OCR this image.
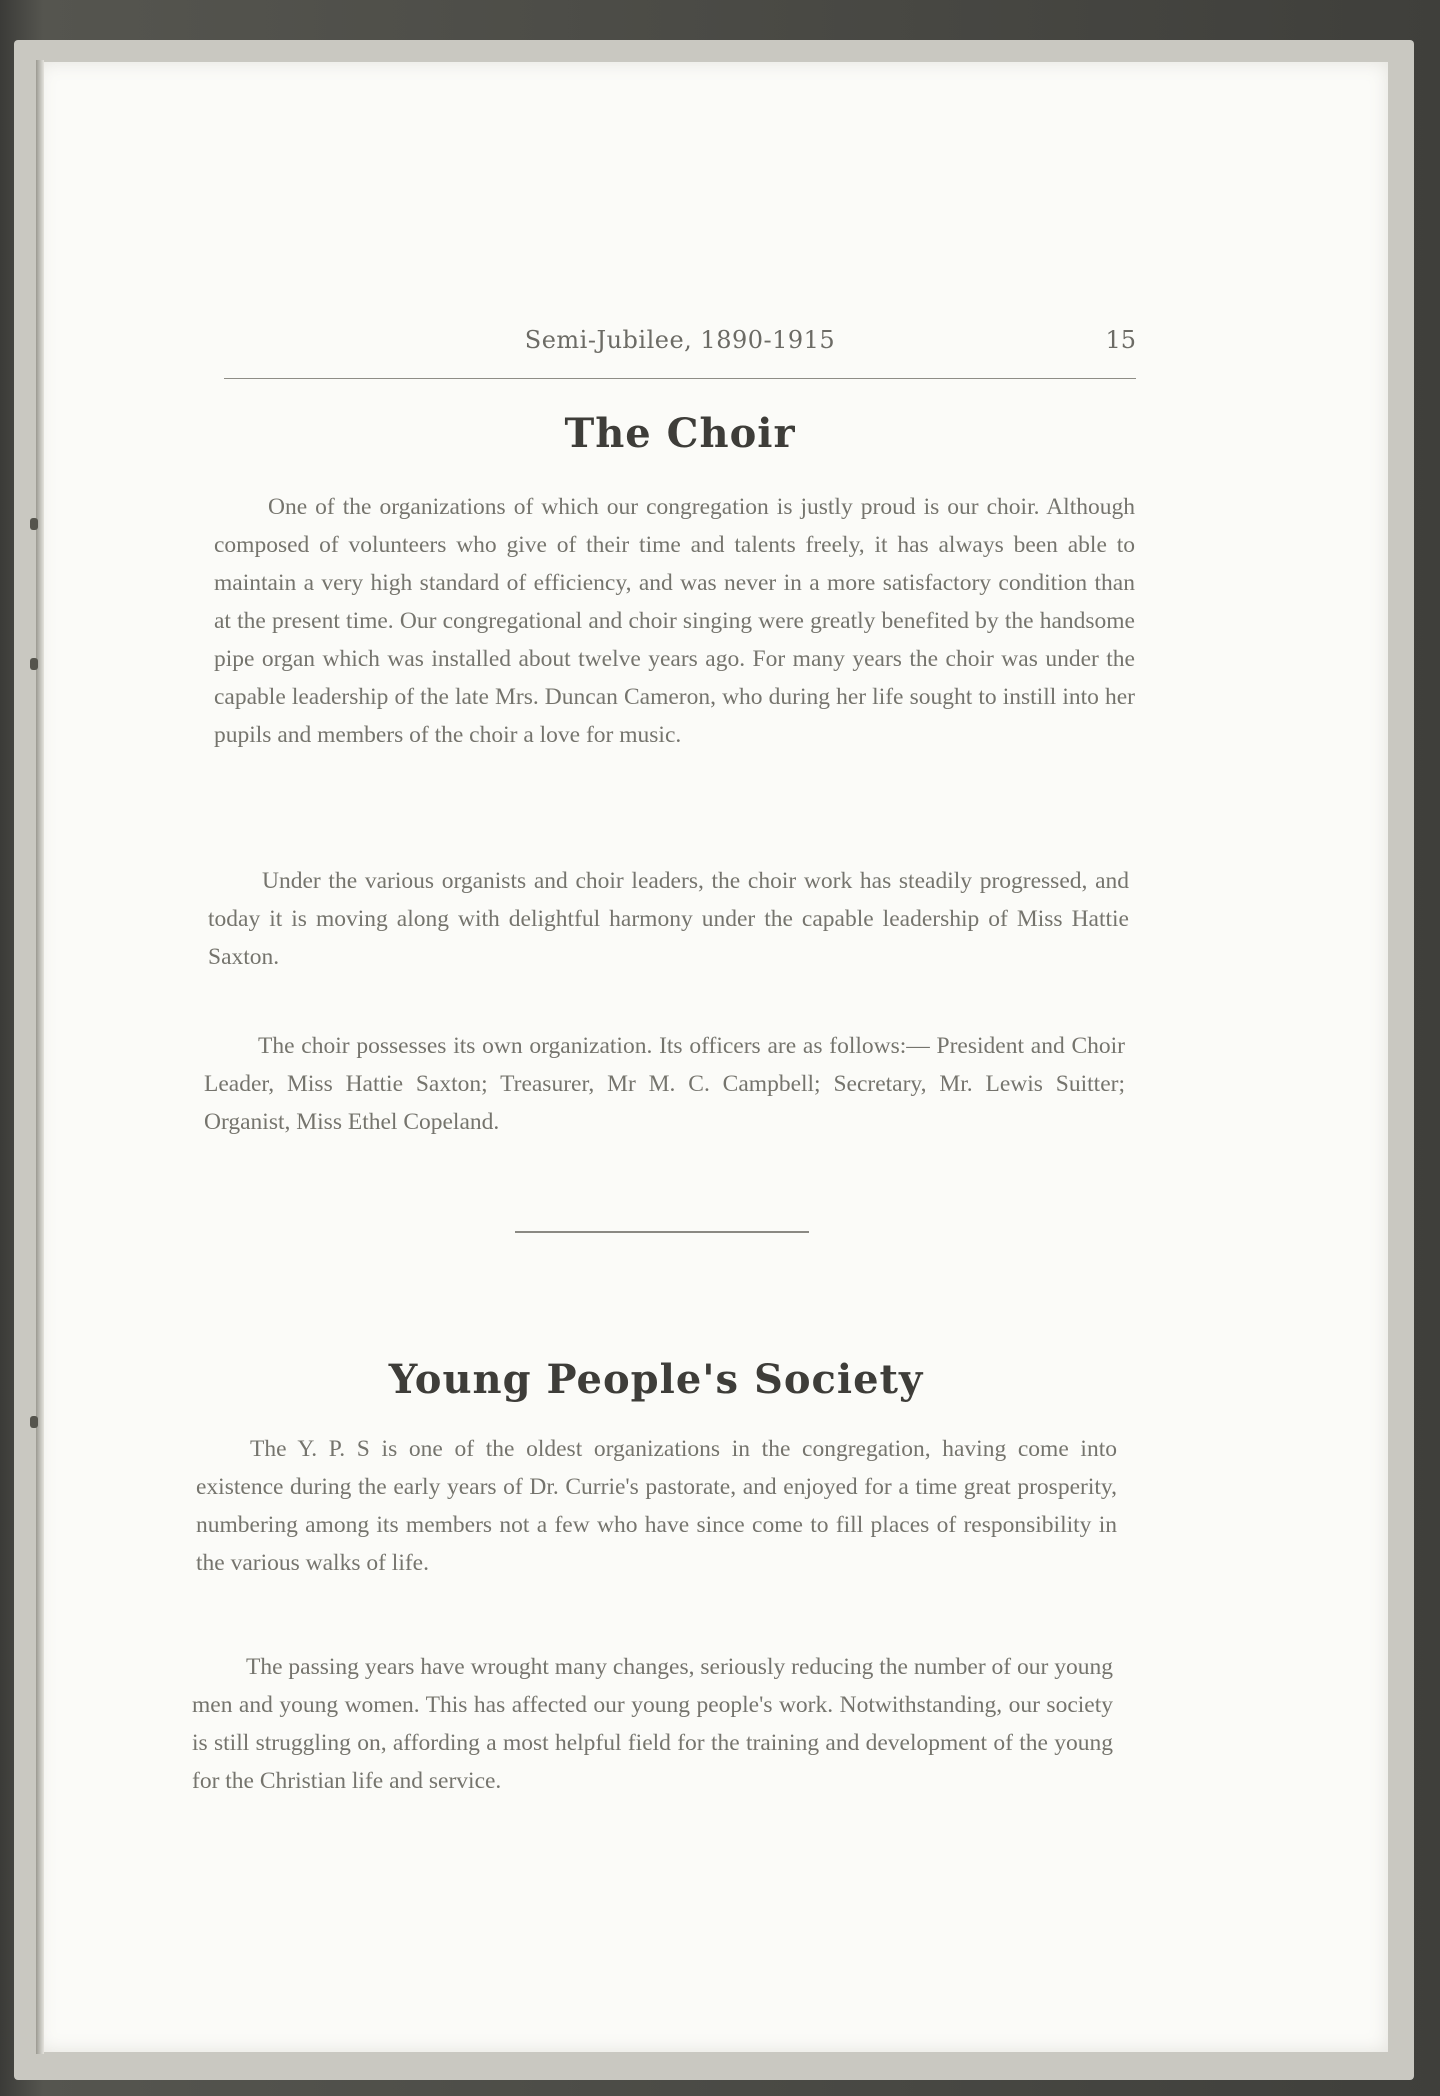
Semi-Jubilee, 1890-1915	15
The Choir

One of the organizations of which our congregation is justly proud is our choir. Although composed of volunteers who give of their time and talents freely, it has always been able to maintain a very high standard of efficiency, and was never in a more satisfactory condition than at the present time. Our congregational and choir singing were greatly benefited by the handsome pipe organ which was installed about twelve years ago. For many years the choir was under the capable leadership of the late Mrs. Duncan Cameron, who during her life sought to instill into her pupils and members of the choir a love for music.

Under the various organists and choir leaders, the choir work has steadily progressed, and today it is moving along with delightful harmony under the capable leadership of Miss Hattie Saxton.

The choir possesses its own organization. Its officers are as follows:— President and Choir Leader, Miss Hattie Saxton; Treasurer, Mr M. C. Campbell; Secretary, Mr. Lewis Suitter; Organist, Miss Ethel Copeland.

Young People's Society

The Y. P. S is one of the oldest organizations in the congregation, having come into existence during the early years of Dr. Currie's pastorate, and enjoyed for a time great prosperity, numbering among its members not a few who have since come to fill places of responsibility in the various walks of life.

The passing years have wrought many changes, seriously reducing the number of our young men and young women. This has affected our young people's work. Notwithstanding, our society is still struggling on, affording a most helpful field for the training and development of the young for the Christian life and service.
